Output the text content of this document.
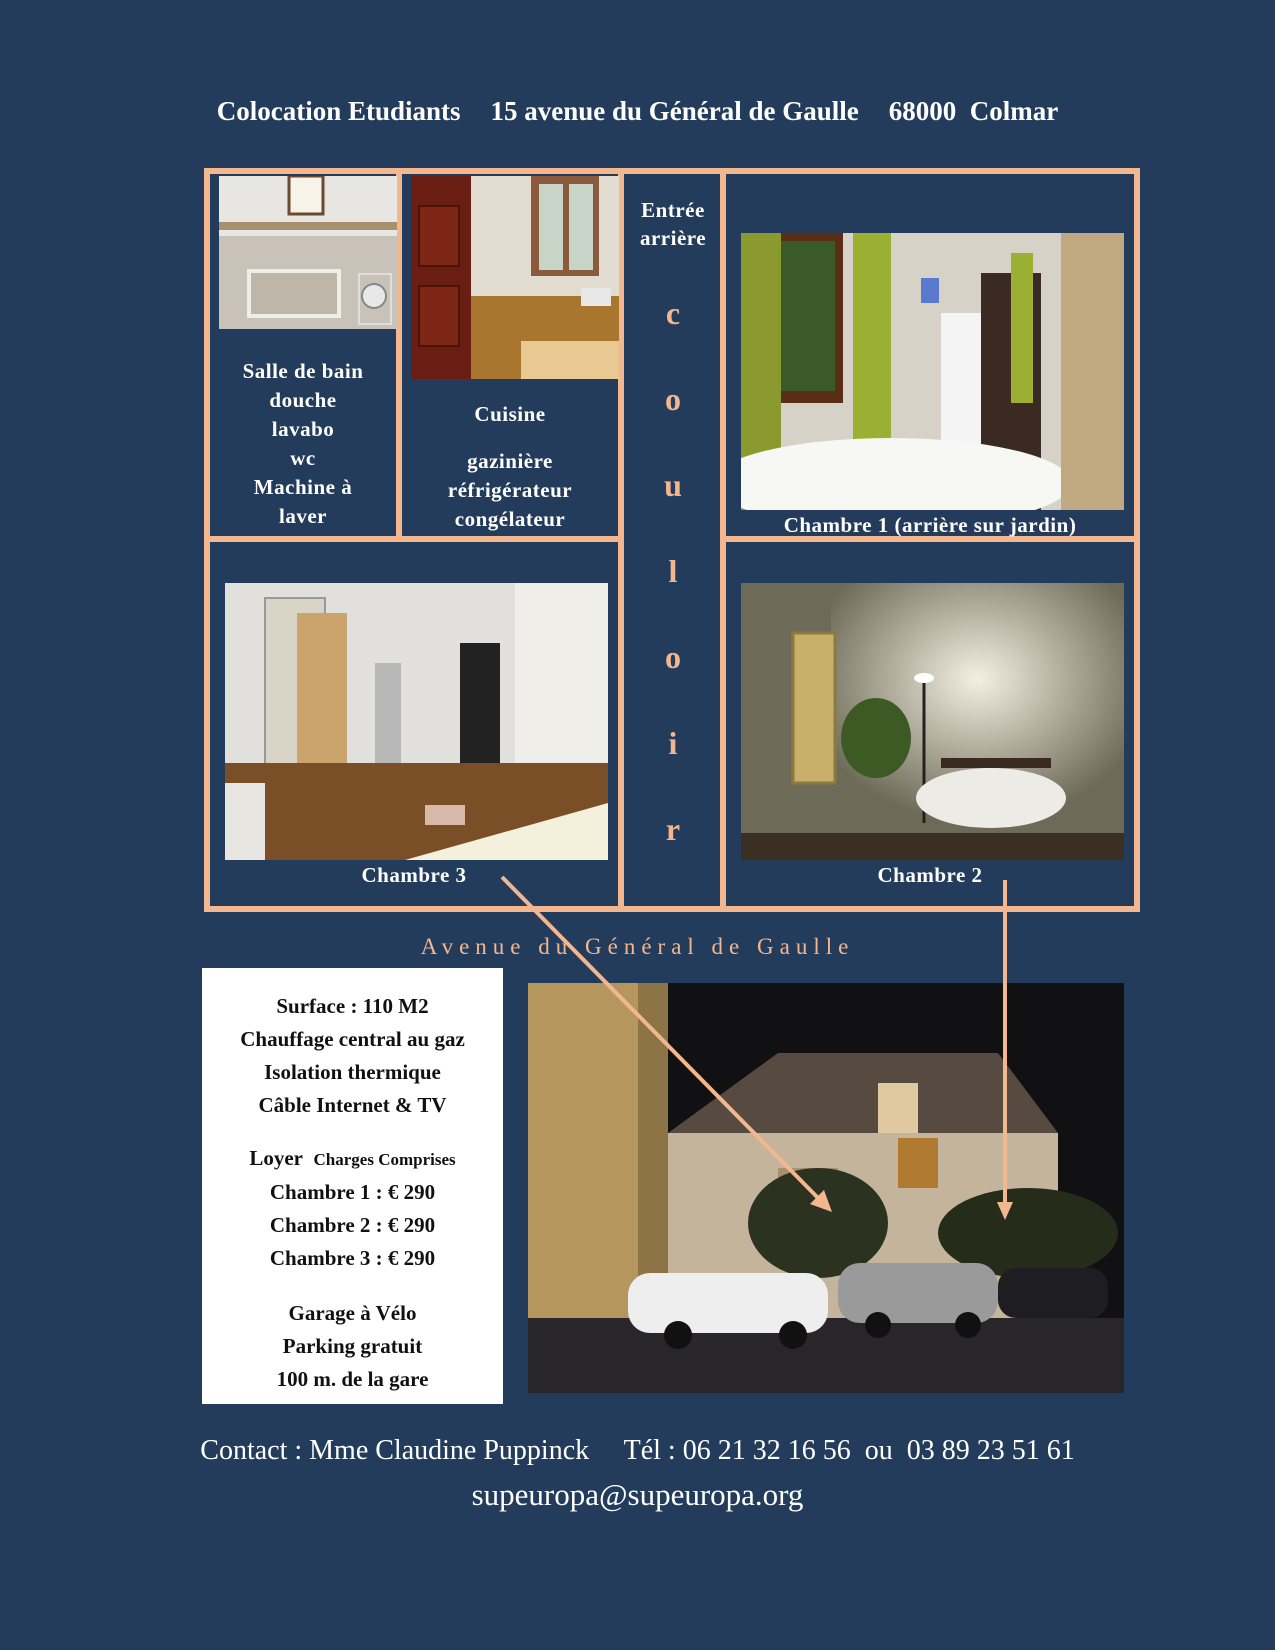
Colocation Etudiants 15 avenue du Général de Gaulle 68000  Colmar
Salle de bain
douche
lavabo
wc
Machine à
laver
Cuisine
gazinière
réfrigérateur
congélateur
Entrée
arrière
c
o
u
l
o
i
r
Chambre 1 (arrière sur jardin)
Chambre 3	Chambre 2
Avenue du Général de Gaulle
Surface : 110 M2
Chauffage central au gaz
Isolation thermique
Câble Internet & TV
Loyer Charges Comprises
Chambre 1 : € 290
Chambre 2 : € 290
Chambre 3 : € 290
Garage à Vélo
Parking gratuit
100 m. de la gare
Contact : Mme Claudine Puppinck Tél : 06 21 32 16 56  ou  03 89 23 51 61
supeuropa@supeuropa.org
